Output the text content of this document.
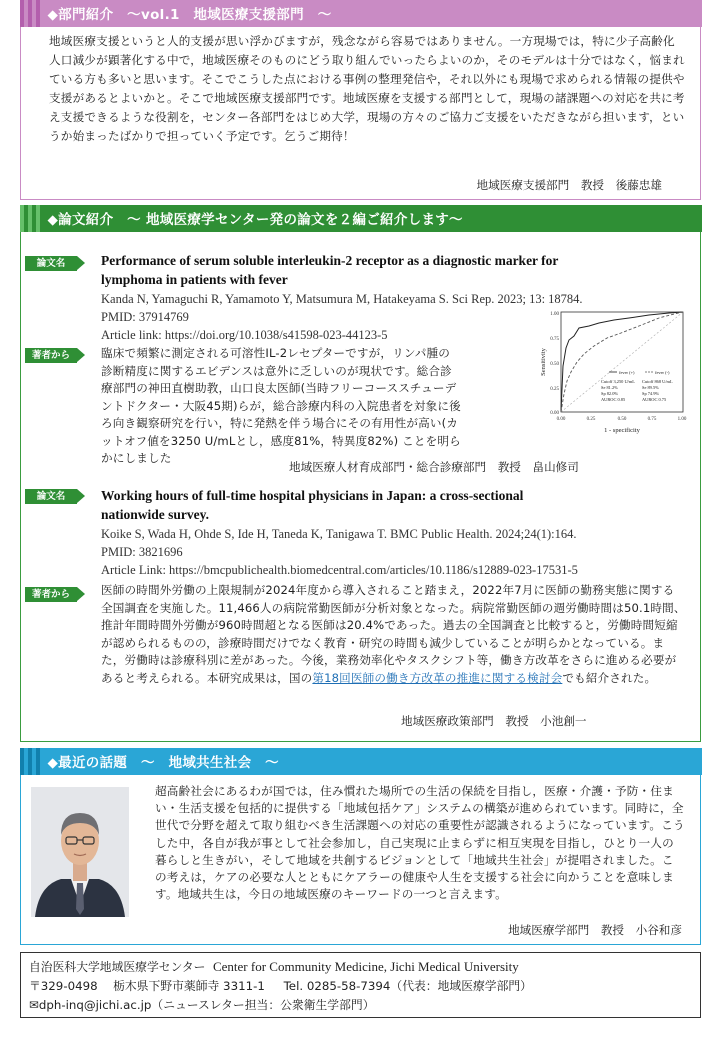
◆部門紹介　～vol.1　地域医療支援部門　～
地域医療支援というと人的支援が思い浮かびますが，残念ながら容易ではありません。一方現場では，特に少子高齢化人口減少が顕著化する中で，地域医療そのものにどう取り組んでいったらよいのか，そのモデルは十分ではなく，悩まれている方も多いと思います。そこでこうした点における事例の整理発信や，それ以外にも現場で求められる情報の提供や支援があるとよいかと。そこで地域医療支援部門です。地域医療を支援する部門として，現場の諸課題への対応を共に考え支援できるような役割を，センター各部門をはじめ大学，現場の方々のご協力ご支援をいただきながら担います，というか始まったばかりで担っていく予定です。乞うご期待！
地域医療支援部門　教授　後藤忠雄
◆論文紹介　～ 地域医療学センター発の論文を２編ご紹介します～
論文名	Performance of serum soluble interleukin-2 receptor as a diagnostic marker for
lymphoma in patients with fever
Kanda N, Yamaguchi R, Yamamoto Y, Matsumura M, Hatakeyama S. Sci Rep. 2023; 13: 18784.
PMID: 37914769
Article link: https://doi.org/10.1038/s41598-023-44123-5
1.00
0.75
0.50
0.25
0.00
0.00	0.25	0.50	0.75	1.00
1 - specificity
Sensitivity	fever (+)	fever (-)
Cutoff 3,250 U/mL
Se 81.2%
Sp 82.0%
AUROC 0.85
Cutoff 868 U/mL
Se 89.5%
Sp 74.9%
AUROC 0.75
著者から	臨床で頻繁に測定される可溶性IL-2レセプターですが，リンパ腫の診断精度に関するエビデンスは意外に乏しいのが現状です。総合診療部門の神田直樹助教，山口良太医師(当時フリーコーススチューデントドクター・大阪45期)らが，総合診療内科の入院患者を対象に後ろ向き観察研究を行い，特に発熱を伴う場合にその有用性が高い(カットオフ値を3250 U/mLとし，感度81%，特異度82%) ことを明らかにしました
地域医療人材育成部門・総合診療部門　教授　畠山修司
論文名	Working hours of full-time hospital physicians in Japan: a cross-sectional
nationwide survey.
Koike S, Wada H, Ohde S, Ide H, Taneda K, Tanigawa T. BMC Public Health. 2024;24(1):164.
PMID: 3821696
Article Link: https://bmcpublichealth.biomedcentral.com/articles/10.1186/s12889-023-17531-5
著者から	医師の時間外労働の上限規制が2024年度から導入されること踏まえ，2022年7月に医師の勤務実態に関する全国調査を実施した。11,466人の病院常勤医師が分析対象となった。病院常勤医師の週労働時間は50.1時間、推計年間時間外労働が960時間超となる医師は20.4%であった。過去の全国調査と比較すると，労働時間短縮が認められるものの，診療時間だけでなく教育・研究の時間も減少していることが明らかとなっている。また，労働時は診療科別に差があった。今後，業務効率化やタスクシフト等，働き方改革をさらに進める必要があると考えられる。本研究成果は，国の第18回医師の働き方改革の推進に関する検討会でも紹介された。
地域医療政策部門　教授　小池創一
◆最近の話題　～　地域共生社会　～
超高齢社会にあるわが国では，住み慣れた場所での生活の保続を目指し，医療・介護・予防・住まい・生活支援を包括的に提供する「地域包括ケア」システムの構築が進められています。同時に，全世代で分野を超えて取り組むべき生活課題への対応の重要性が認識されるようになっています。こうした中，各自が我が事として社会参加し，自己実現に止まらずに相互実現を目指し，ひとり一人の暮らしと生きがい，そして地域を共創するビジョンとして「地域共生社会」が提唱されました。この考えは，ケアの必要な人とともにケアラーの健康や人生を支援する社会に向かうことを意味します。地域共生は，今日の地域医療のキーワードの一つと言えます。
地域医療学部門　教授　小谷和彦
自治医科大学地域医療学センター Center for Community Medicine, Jichi Medical University
〒329-0498　 栃木県下野市薬師寺 3311-1 Tel. 0285-58-7394（代表：地域医療学部門）
✉dph-inq@jichi.ac.jp（ニュースレター担当：公衆衛生学部門）
